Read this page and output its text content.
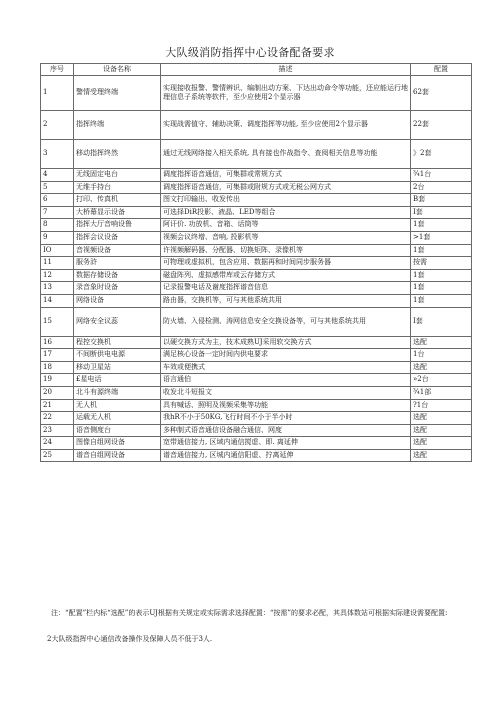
大队级消防指挥中心设备配备要求
序号	设备名称	描述	配置
1	警情受理终端	实现接收报警、警情辨识、编制出动方案、下达出动命令等功能，还应能运行地理信息子系统等软件，至少应使用2个显示器	62套
2	指挥终端	实现战需值守、辅助决策、调度指挥等功能, 至少应使用2个显示器	22套
3	移动指挥终然	通过无线网络接入相关系统, 具有接也作战指令、查阅相关信息等功能	》2套
4	无线固定电台	调度指挥语音通信，可集群或常规方式	¾1台
5	无维手持台	调度指挥语音通信，可集群或附规方式或无税公网方式	2台
6	打印、传真机	图文打印输出、收发传出	B套
7	大桥幕显示设备	可选择DiR投影、液晶、LED等组合	I套
8	指挥大厅音响设鲁	阿讦价. 功放机、音箱、话筒等	1套
9	指挥会议设备	视频会议终增、音响, 投影机等	>1套
IO	音视频设备	许视频解码器、分配器、切换矩阵、录像机等	1套
11	服务浒	可物理或虚拟机，包含应用、数据再和时间同步服务器	按需
12	数据存储设备	磁盘阵列、虚拟感带库或云存储方式	1套
13	录音象时设备	记录报警电话及谢度指挥谱音信息	1套
14	网络设备	路由器，交换机等，可与其他系统共用	1套
15	网络安全议蕊	防火墙、入侵检测、涛网信息安全交换设备等，可与其他系统共用	I套
16	程控交换机	以硬交换方式为主，技术成熟UJ采用软交换方式	选配
17	不间断供电电源	满足核心设备一定时间内供电要求	1台
18	移动卫星站	车效或便携式	选配
19	£星电话	语言通伯	»2台
20	北斗有源终端	收发北斗短报文	¾1部
21	无人机	具有喊话、照明及视频采集等功能	?1台
22	运载无人机	我hR不小于50KG,飞行时间不小于半小时	选配
23	语音侧度台	多种制式语音通信设备融合通信、网度	选配
24	图像自组网设备	宽带通信接力, 区域内通信搅虚、即. 离延伸	选配
25	谱音自组网设备	谱音通信接力, 区城内通信阳虚、拧离延伸	选配
注：“配置”栏内标“选配”的表示UJ根据有关规定或实际需求选择配置：“按需”的要求必配，其具体数站可根据实际建设需要配置:
2大队级指挥中心通信改备操作及保障人员不低于3人.
